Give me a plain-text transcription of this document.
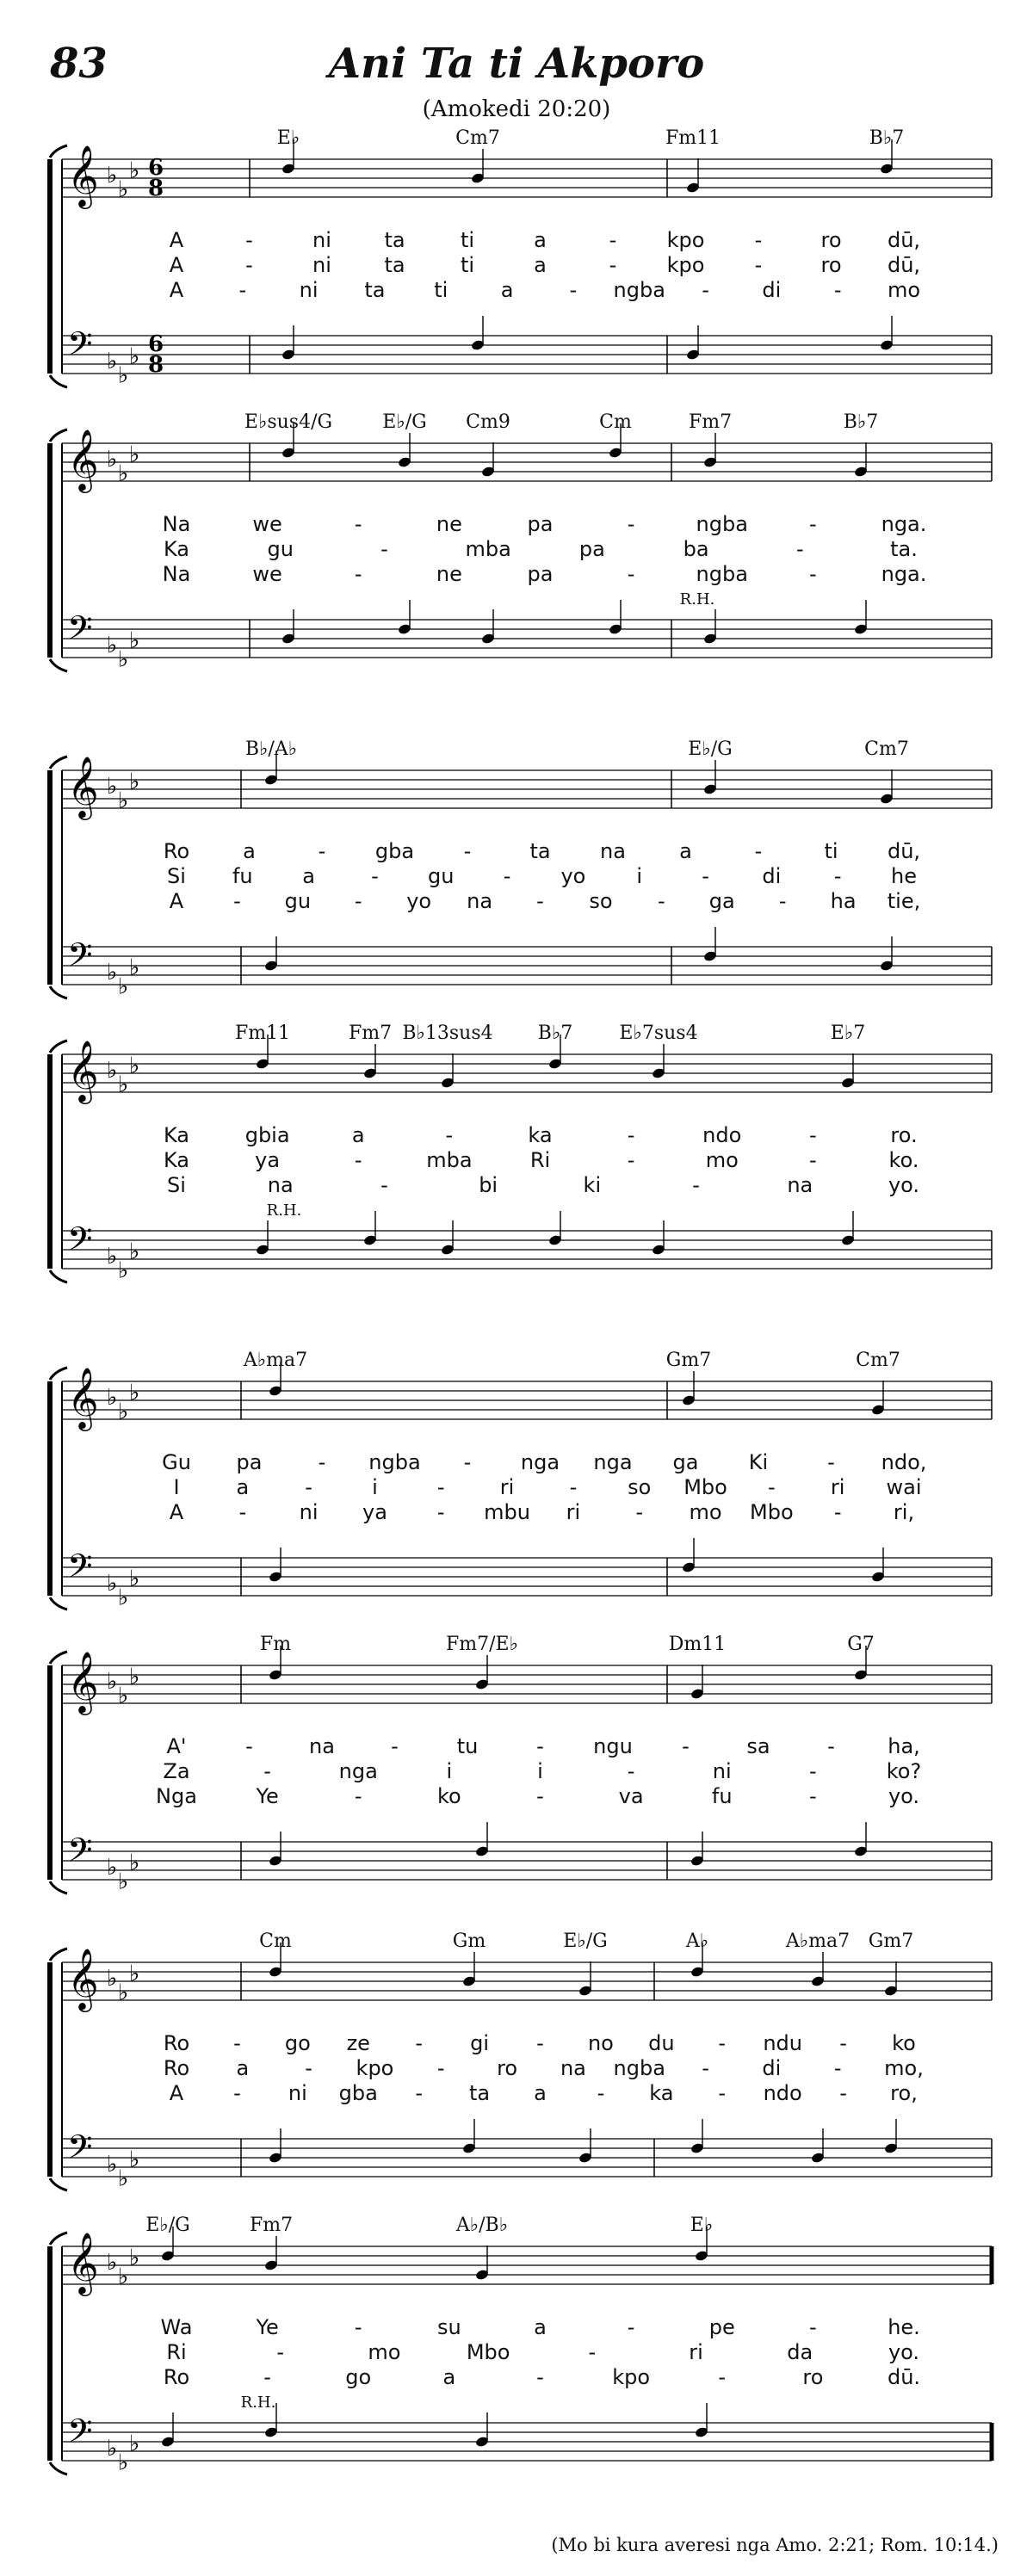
83	Ani Ta ti Akporo
(Amokedi 20:20)
𝄞 ♭
♭
♭ 6
8
𝄢 ♭
♭
♭ 6
8
E♭	Cm7	Fm11	B♭7
A	-	ni	ta	ti	a	- kpo -	ro dū,
A	-	ni	ta	ti	a	- kpo -	ro dū,
A	-	ni ta ti	a	- ngba -	di	- mo
𝄞 ♭
♭
♭
𝄢 ♭
♭
♭
E♭sus4/G	E♭/G Cm9	Cm	Fm7	B♭7
R.H.
Na	we	-	ne	pa	-	ngba	-	nga.
Ka	gu	-	mba	pa	ba	-	ta.
Na	we	-	ne	pa	-	ngba	-	nga.
𝄞 ♭
♭
♭
𝄢 ♭
♭
♭
B♭/A♭	E♭/G	Cm7
Ro	a	- gba -	ta na	a	-	ti dū,
Si fu a	- gu - yo i	-	di	- he
A - gu - yo na - so - ga - ha tie,
𝄞 ♭
♭
♭
𝄢 ♭
♭
♭
Fm11	Fm7 B♭13sus4 B♭7 E♭7sus4	E♭7
R.H.
Ka	gbia	a	-	ka	-	ndo	-	ro.
Ka	ya	-	mba	Ri	-	mo	-	ko.
Si	na	-	bi	ki	-	na	yo.
𝄞 ♭
♭
♭
𝄢 ♭
♭
♭
A♭ma7	Gm7	Cm7
Gu pa	- ngba - nga nga ga Ki	- ndo,
I	a	-	i	-	ri	- so Mbo -	ri wai
A	-	ni ya - mbu ri	- mo Mbo -	ri,
𝄞 ♭
♭
♭
𝄢 ♭
♭
♭
Fm	Fm7/E♭	Dm11	G7
A'	-	na	-	tu	- ngu -	sa	-	ha,
Za	-	nga	i	i	-	ni	-	ko?
Nga	Ye	-	ko	-	va	fu	-	yo.
𝄞 ♭
♭
♭
𝄢 ♭
♭
♭
Cm	Gm	E♭/G	A♭	A♭ma7 Gm7
Ro - go ze - gi - no du - ndu - ko
Ro a	- kpo -	ro na ngba -	di	- mo,
A - ni gba - ta a - ka - ndo - ro,
𝄞 ♭
♭
♭
𝄢 ♭
♭
♭
E♭/G	Fm7	A♭/B♭	E♭
R.H.
Wa	Ye	-	su	a	-	pe	-	he.
Ri	-	mo	Mbo	-	ri	da	yo.
Ro	-	go	a	-	kpo	-	ro	dū.
(Mo bi kura averesi nga Amo. 2:21; Rom. 10:14.)
